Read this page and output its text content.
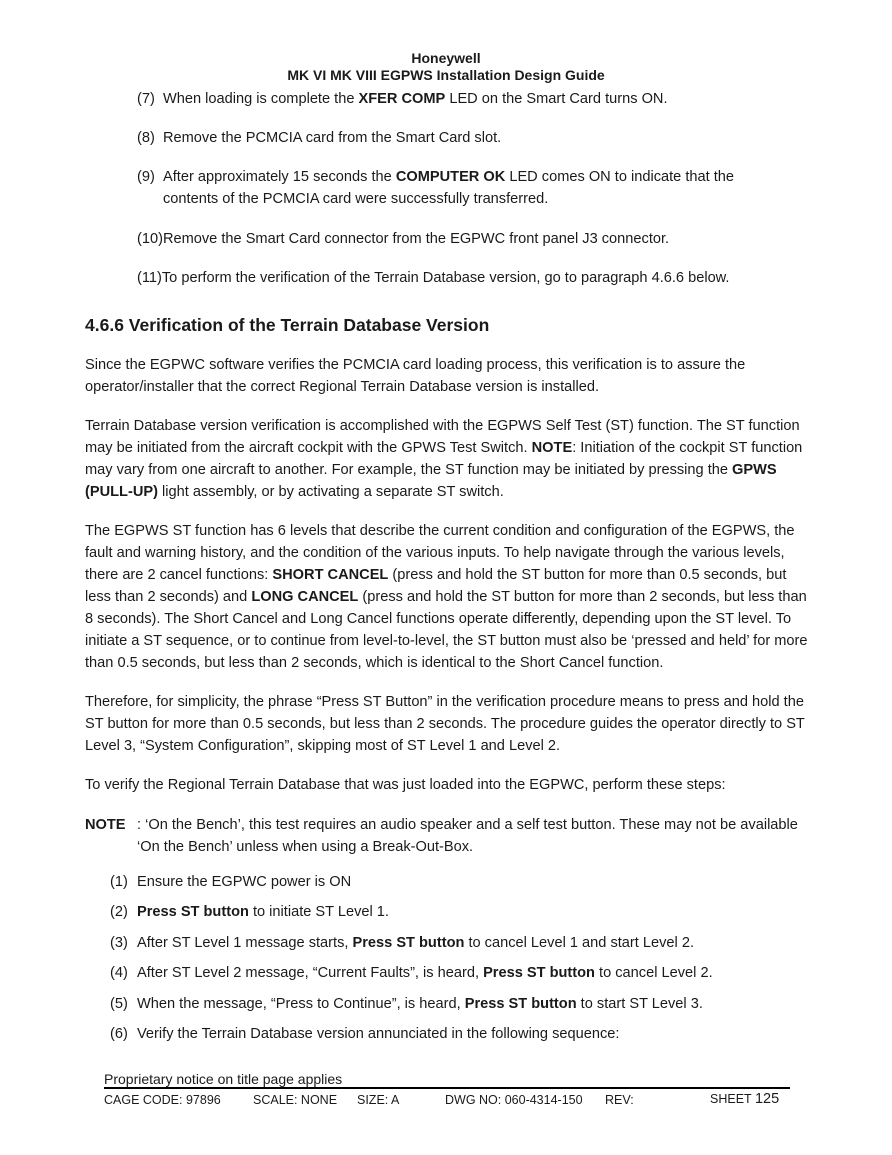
Honeywell
MK VI MK VIII EGPWS Installation Design Guide
(7) When loading is complete the XFER COMP LED on the Smart Card turns ON.
(8) Remove the PCMCIA card from the Smart Card slot.
(9) After approximately 15 seconds the COMPUTER OK LED comes ON to indicate that the contents of the PCMCIA card were successfully transferred.
(10)Remove the Smart Card connector from the EGPWC front panel J3 connector.
(11)To perform the verification of the Terrain Database version, go to paragraph 4.6.6 below.
4.6.6 Verification of the Terrain Database Version
Since the EGPWC software verifies the PCMCIA card loading process, this verification is to assure the operator/installer that the correct Regional Terrain Database version is installed.
Terrain Database version verification is accomplished with the EGPWS Self Test (ST) function. The ST function may be initiated from the aircraft cockpit with the GPWS Test Switch. NOTE: Initiation of the cockpit ST function may vary from one aircraft to another. For example, the ST function may be initiated by pressing the GPWS (PULL-UP) light assembly, or by activating a separate ST switch.
The EGPWS ST function has 6 levels that describe the current condition and configuration of the EGPWS, the fault and warning history, and the condition of the various inputs. To help navigate through the various levels, there are 2 cancel functions: SHORT CANCEL (press and hold the ST button for more than 0.5 seconds, but less than 2 seconds) and LONG CANCEL (press and hold the ST button for more than 2 seconds, but less than 8 seconds). The Short Cancel and Long Cancel functions operate differently, depending upon the ST level. To initiate a ST sequence, or to continue from level-to-level, the ST button must also be ‘pressed and held’ for more than 0.5 seconds, but less than 2 seconds, which is identical to the Short Cancel function.
Therefore, for simplicity, the phrase “Press ST Button” in the verification procedure means to press and hold the ST button for more than 0.5 seconds, but less than 2 seconds. The procedure guides the operator directly to ST Level 3, “System Configuration”, skipping most of ST Level 1 and Level 2.
To verify the Regional Terrain Database that was just loaded into the EGPWC, perform these steps:
NOTE : ‘On the Bench’, this test requires an audio speaker and a self test button. These may not be available ‘On the Bench’ unless when using a Break-Out-Box.
(1) Ensure the EGPWC power is ON
(2) Press ST button to initiate ST Level 1.
(3) After ST Level 1 message starts, Press ST button to cancel Level 1 and start Level 2.
(4) After ST Level 2 message, “Current Faults”, is heard, Press ST button to cancel Level 2.
(5) When the message, “Press to Continue”, is heard, Press ST button to start ST Level 3.
(6) Verify the Terrain Database version annunciated in the following sequence:
Proprietary notice on title page applies
CAGE CODE: 97896	SCALE: NONE SIZE: A	DWG NO: 060-4314-150 REV:	SHEET 125
